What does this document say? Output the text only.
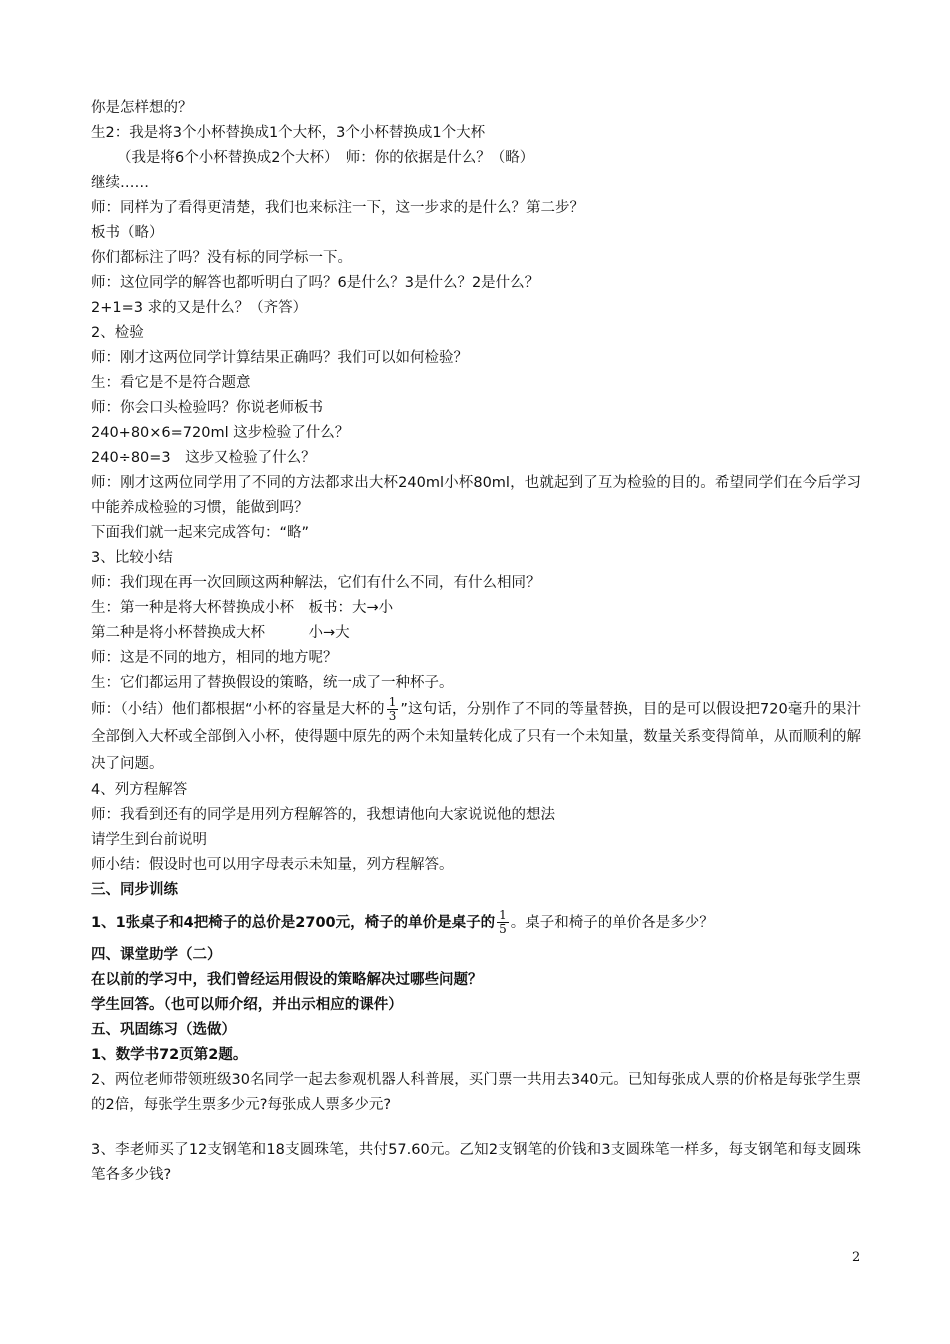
你是怎样想的？
生2：我是将3个小杯替换成1个大杯，3个小杯替换成1个大杯
（我是将6个小杯替换成2个大杯）　师：你的依据是什么？（略）
继续……
师：同样为了看得更清楚，我们也来标注一下，这一步求的是什么？第二步？
板书（略）
你们都标注了吗？没有标的同学标一下。
师：这位同学的解答也都听明白了吗？6是什么？3是什么？2是什么？
2+1=3 求的又是什么？（齐答）
2、检验
师：刚才这两位同学计算结果正确吗？我们可以如何检验？
生：看它是不是符合题意
师：你会口头检验吗？你说老师板书
240+80×6=720ml 这步检验了什么？
240÷80=3　这步又检验了什么？
师：刚才这两位同学用了不同的方法都求出大杯240ml小杯80ml，也就起到了互为检验的目的。希望同学们在今后学习中能养成检验的习惯，能做到吗？
下面我们就一起来完成答句：“略”
3、比较小结
师：我们现在再一次回顾这两种解法，它们有什么不同，有什么相同？
生：第一种是将大杯替换成小杯　板书：大→小
第二种是将小杯替换成大杯　　　小→大
师：这是不同的地方，相同的地方呢？
生：它们都运用了替换假设的策略，统一成了一种杯子。
师：（小结）他们都根据“小杯的容量是大杯的 $\frac{1}{3}$ ”这句话，分别作了不同的等量替换，目的是可以假设把720毫升的果汁全部倒入大杯或全部倒入小杯，使得题中原先的两个未知量转化成了只有一个未知量，数量关系变得简单，从而顺利的解决了问题。
4、列方程解答
师：我看到还有的同学是用列方程解答的，我想请他向大家说说他的想法
请学生到台前说明
师小结：假设时也可以用字母表示未知量，列方程解答。
三、同步训练
1、1张桌子和4把椅子的总价是2700元，椅子的单价是桌子的 $\frac{1}{5}$ 。桌子和椅子的单价各是多少？
四、课堂助学（二）
在以前的学习中，我们曾经运用假设的策略解决过哪些问题？
学生回答。（也可以师介绍，并出示相应的课件）
五、巩固练习（选做）
1、数学书72页第2题。
2、两位老师带领班级30名同学一起去参观机器人科普展，买门票一共用去340元。已知每张成人票的价格是每张学生票的2倍，每张学生票多少元?每张成人票多少元?
3、李老师买了12支钢笔和18支圆珠笔，共付57.60元。乙知2支钢笔的价钱和3支圆珠笔一样多，每支钢笔和每支圆珠笔各多少钱?
2
